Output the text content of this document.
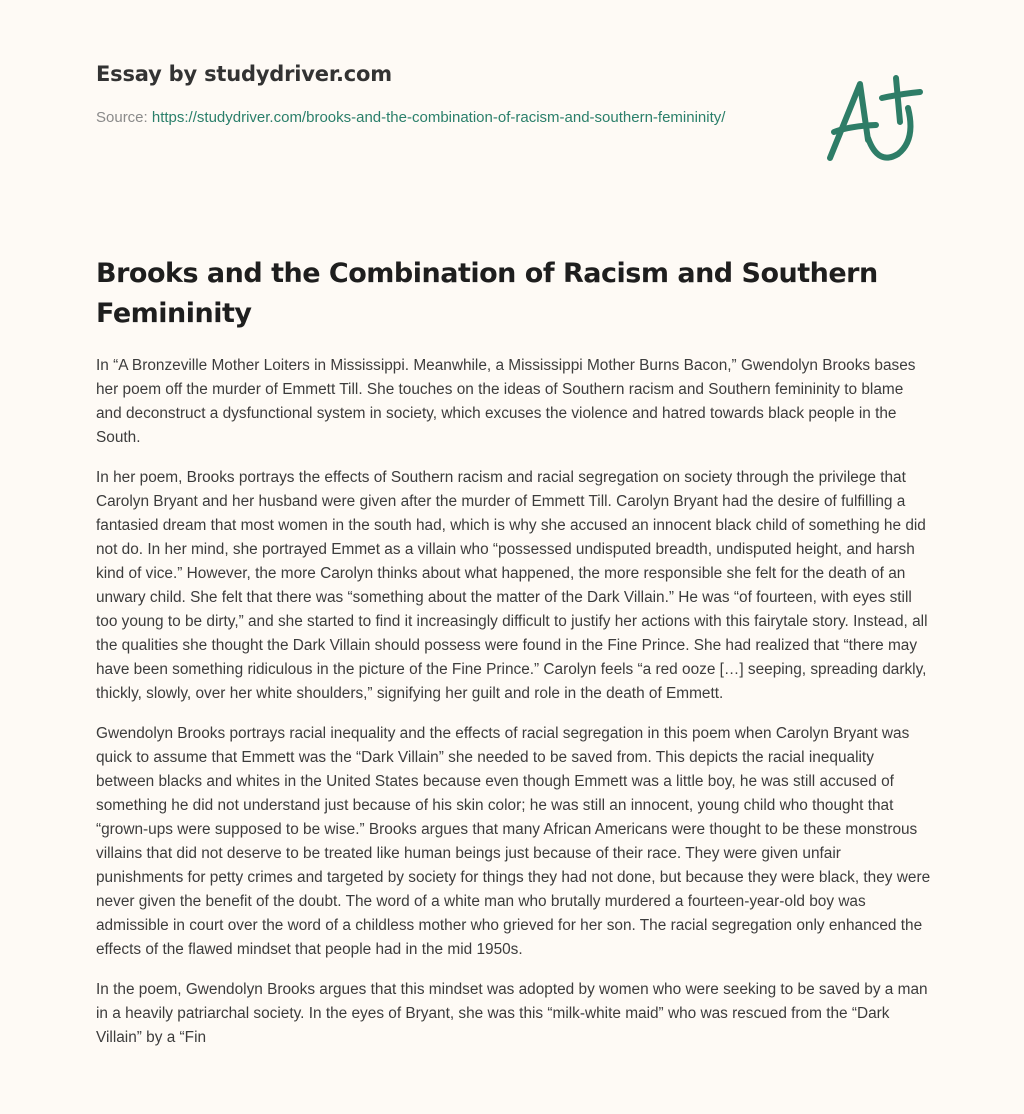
Essay by studydriver.com
Source: https://studydriver.com/brooks-and-the-combination-of-racism-and-southern-femininity/
Brooks and the Combination of Racism and Southern Femininity

In “A Bronzeville Mother Loiters in Mississippi. Meanwhile, a Mississippi Mother Burns Bacon,” Gwendolyn Brooks bases her poem off the murder of Emmett Till. She touches on the ideas of Southern racism and Southern femininity to blame and deconstruct a dysfunctional system in society, which excuses the violence and hatred towards black people in the South.

In her poem, Brooks portrays the effects of Southern racism and racial segregation on society through the privilege that Carolyn Bryant and her husband were given after the murder of Emmett Till. Carolyn Bryant had the desire of fulfilling a fantasied dream that most women in the south had, which is why she accused an innocent black child of something he did not do. In her mind, she portrayed Emmet as a villain who “possessed undisputed breadth, undisputed height, and harsh kind of vice.” However, the more Carolyn thinks about what happened, the more responsible she felt for the death of an unwary child. She felt that there was “something about the matter of the Dark Villain.” He was “of fourteen, with eyes still too young to be dirty,” and she started to find it increasingly difficult to justify her actions with this fairytale story. Instead, all the qualities she thought the Dark Villain should possess were found in the Fine Prince. She had realized that “there may have been something ridiculous in the picture of the Fine Prince.” Carolyn feels “a red ooze […] seeping, spreading darkly, thickly, slowly, over her white shoulders,” signifying her guilt and role in the death of Emmett.

Gwendolyn Brooks portrays racial inequality and the effects of racial segregation in this poem when Carolyn Bryant was quick to assume that Emmett was the “Dark Villain” she needed to be saved from. This depicts the racial inequality between blacks and whites in the United States because even though Emmett was a little boy, he was still accused of something he did not understand just because of his skin color; he was still an innocent, young child who thought that “grown-ups were supposed to be wise.” Brooks argues that many African Americans were thought to be these monstrous villains that did not deserve to be treated like human beings just because of their race. They were given unfair punishments for petty crimes and targeted by society for things they had not done, but because they were black, they were never given the benefit of the doubt. The word of a white man who brutally murdered a fourteen-year-old boy was admissible in court over the word of a childless mother who grieved for her son. The racial segregation only enhanced the effects of the flawed mindset that people had in the mid 1950s.

In the poem, Gwendolyn Brooks argues that this mindset was adopted by women who were seeking to be saved by a man in a heavily patriarchal society. In the eyes of Bryant, she was this “milk-white maid” who was rescued from the “Dark Villain” by a “Fin
